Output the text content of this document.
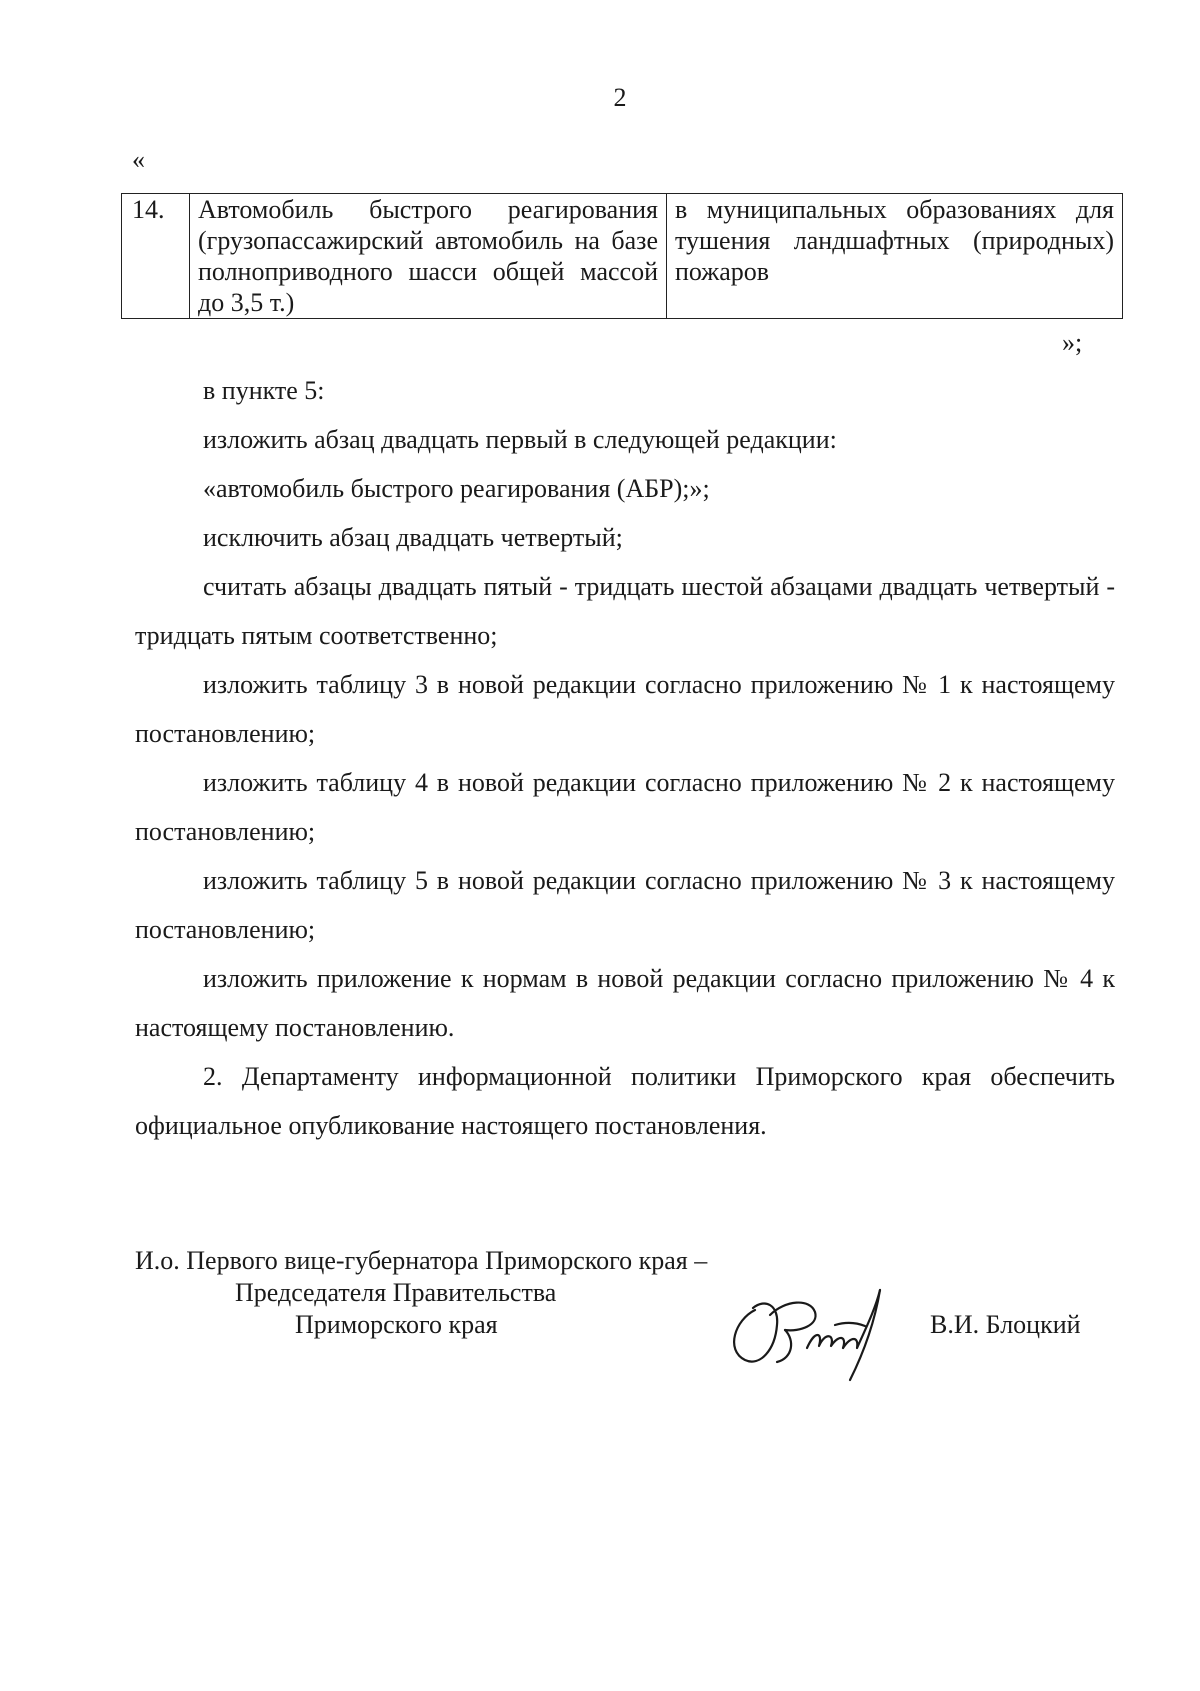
2
«
14.	Автомобиль быстрого реагирования (грузопассажирский автомобиль на базе полноприводного шасси общей массой до 3,5 т.)	в муниципальных образованиях для тушения ландшафтных (природных) пожаров
»;

в пункте 5:

изложить абзац двадцать первый в следующей редакции:

«автомобиль быстрого реагирования (АБР);»;

исключить абзац двадцать четвертый;

считать абзацы двадцать пятый - тридцать шестой абзацами двадцать четвертый - тридцать пятым соответственно;

изложить таблицу 3 в новой редакции согласно приложению № 1 к настоящему постановлению;

изложить таблицу 4 в новой редакции согласно приложению № 2 к настоящему постановлению;

изложить таблицу 5 в новой редакции согласно приложению № 3 к настоящему постановлению;

изложить приложение к нормам в новой редакции согласно приложению № 4 к настоящему постановлению.

2. Департаменту информационной политики Приморского края обеспечить официальное опубликование настоящего постановления.

И.о. Первого вице-губернатора Приморского края –

Председателя Правительства

Приморского края	В.И. Блоцкий
